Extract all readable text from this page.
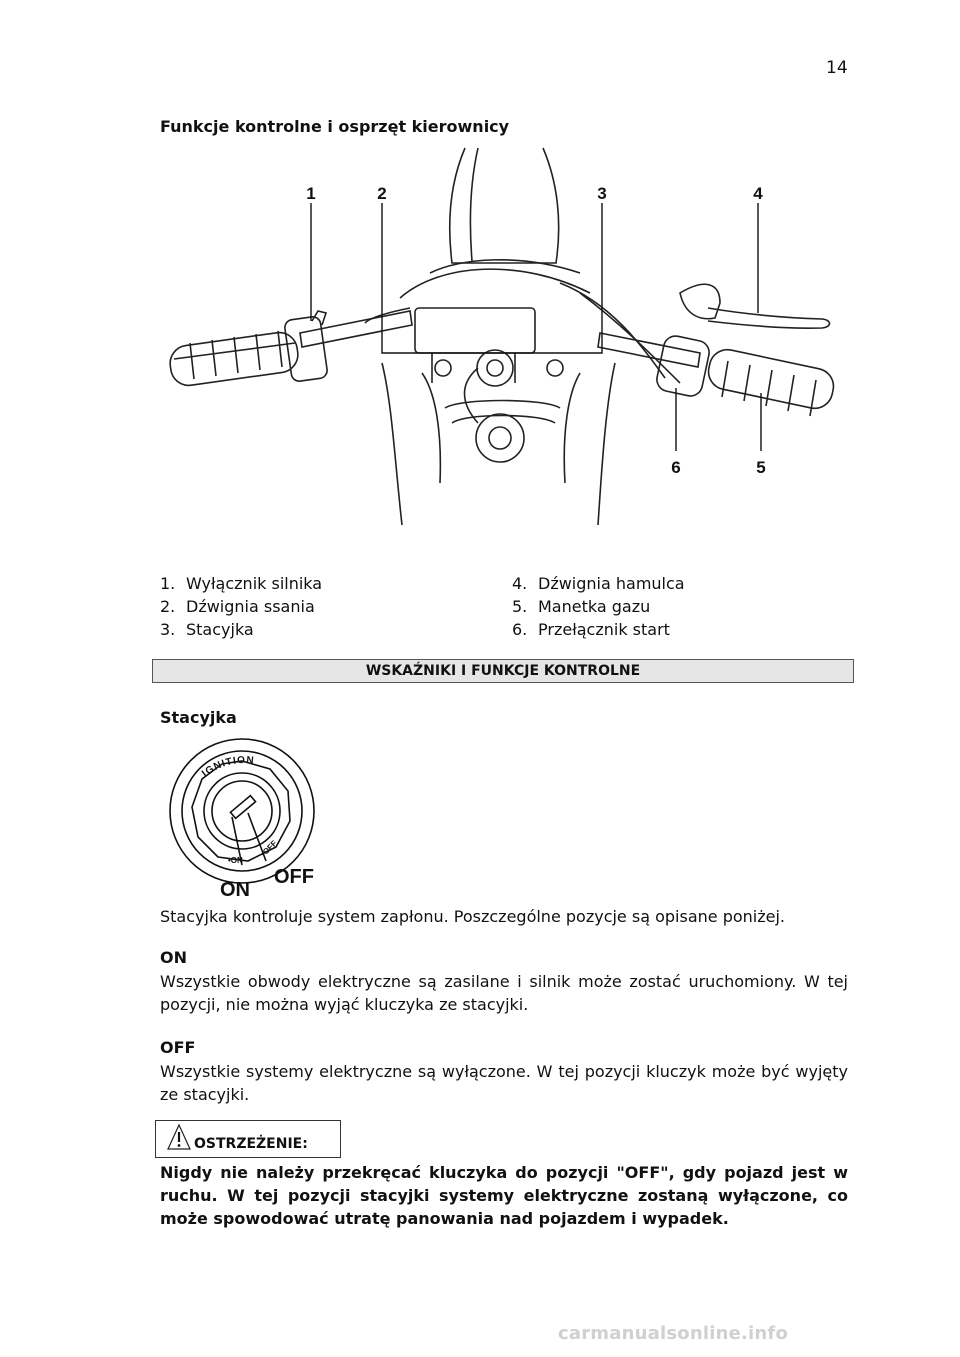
14
Funkcje kontrolne i osprzęt kierownicy
1	2	3	4
5
6
1. Wyłącznik silnika
2. Dźwignia ssania
3. Stacyjka
4. Dźwignia hamulca
5. Manetka gazu
6. Przełącznik start
WSKAŹNIKI I FUNKCJE KONTROLNE
Stacyjka
IGNITION
•ON
•OFF
ON
OFF
Stacyjka kontroluje system zapłonu. Poszczególne pozycje są opisane poniżej.
ON
Wszystkie obwody elektryczne są zasilane i silnik może zostać uruchomiony. W tej pozycji, nie można wyjąć kluczyka ze stacyjki.
OFF
Wszystkie systemy elektryczne są wyłączone. W tej pozycji kluczyk może być wyjęty ze stacyjki.
OSTRZEŻENIE:
Nigdy nie należy przekręcać kluczyka do pozycji "OFF", gdy pojazd jest w ruchu. W tej pozycji stacyjki systemy elektryczne zostaną wyłączone, co może spowodować utratę panowania nad pojazdem i wypadek.
carmanualsonline.info
